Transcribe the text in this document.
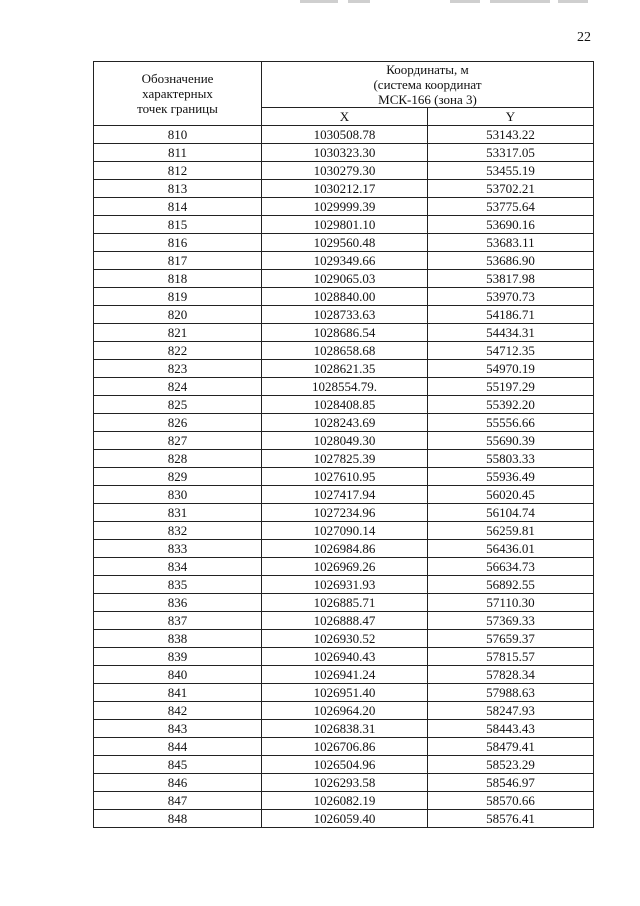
22
Обозначение
характерных
точек границы	Координаты, м
(система координат
МСК-166 (зона 3)	

	X	Y
810	1030508.78	53143.22
811	1030323.30	53317.05
812	1030279.30	53455.19
813	1030212.17	53702.21
814	1029999.39	53775.64
815	1029801.10	53690.16
816	1029560.48	53683.11
817	1029349.66	53686.90
818	1029065.03	53817.98
819	1028840.00	53970.73
820	1028733.63	54186.71
821	1028686.54	54434.31
822	1028658.68	54712.35
823	1028621.35	54970.19
824	1028554.79.	55197.29
825	1028408.85	55392.20
826	1028243.69	55556.66
827	1028049.30	55690.39
828	1027825.39	55803.33
829	1027610.95	55936.49
830	1027417.94	56020.45
831	1027234.96	56104.74
832	1027090.14	56259.81
833	1026984.86	56436.01
834	1026969.26	56634.73
835	1026931.93	56892.55
836	1026885.71	57110.30
837	1026888.47	57369.33
838	1026930.52	57659.37
839	1026940.43	57815.57
840	1026941.24	57828.34
841	1026951.40	57988.63
842	1026964.20	58247.93
843	1026838.31	58443.43
844	1026706.86	58479.41
845	1026504.96	58523.29
846	1026293.58	58546.97
847	1026082.19	58570.66
848	1026059.40	58576.41
